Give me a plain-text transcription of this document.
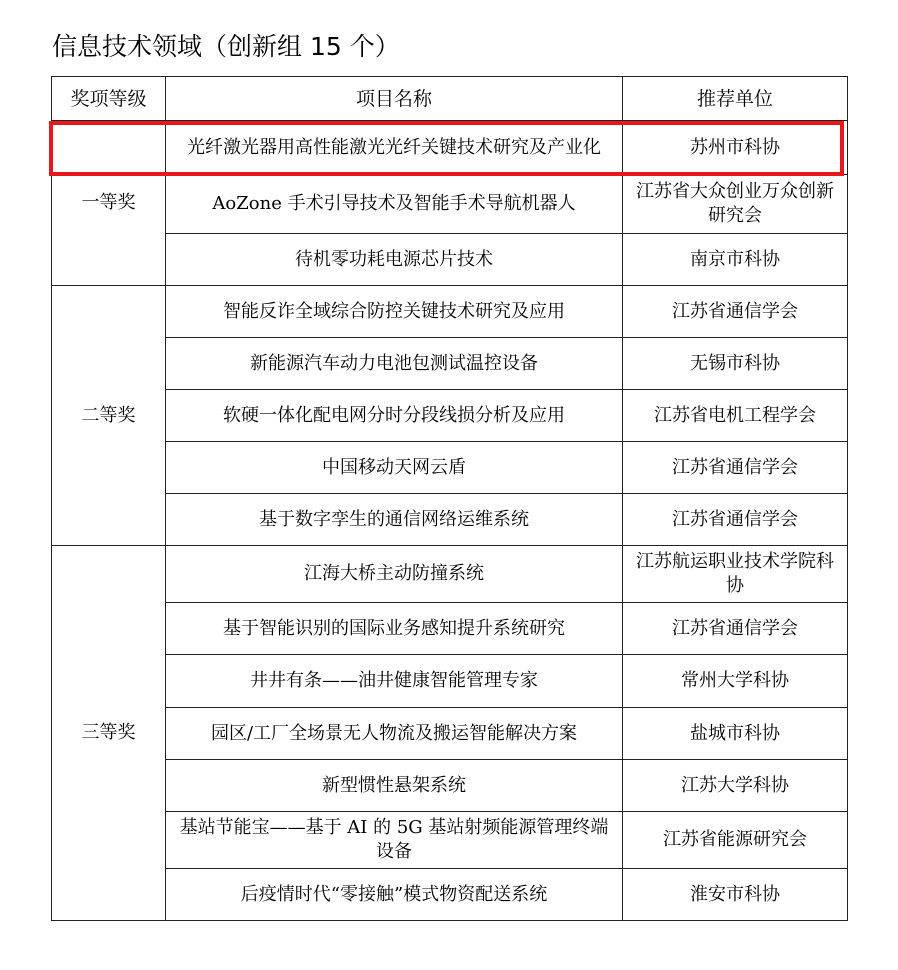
信息技术领域（创新组 15 个）
奖项等级	项目名称	推荐单位
一等奖	光纤激光器用高性能激光光纤关键技术研究及产业化	苏州市科协
	AoZone 手术引导技术及智能手术导航机器人	江苏省大众创业万众创新研究会
	待机零功耗电源芯片技术	南京市科协
二等奖	智能反诈全域综合防控关键技术研究及应用	江苏省通信学会
	新能源汽车动力电池包测试温控设备	无锡市科协
	软硬一体化配电网分时分段线损分析及应用	江苏省电机工程学会
	中国移动天网云盾	江苏省通信学会
	基于数字孪生的通信网络运维系统	江苏省通信学会
三等奖	江海大桥主动防撞系统	江苏航运职业技术学院科协
	基于智能识别的国际业务感知提升系统研究	江苏省通信学会
	井井有条——油井健康智能管理专家	常州大学科协
	园区/工厂全场景无人物流及搬运智能解决方案	盐城市科协
	新型惯性悬架系统	江苏大学科协
	基站节能宝——基于 AI 的 5G 基站射频能源管理终端设备	江苏省能源研究会
	后疫情时代“零接触”模式物资配送系统	淮安市科协
